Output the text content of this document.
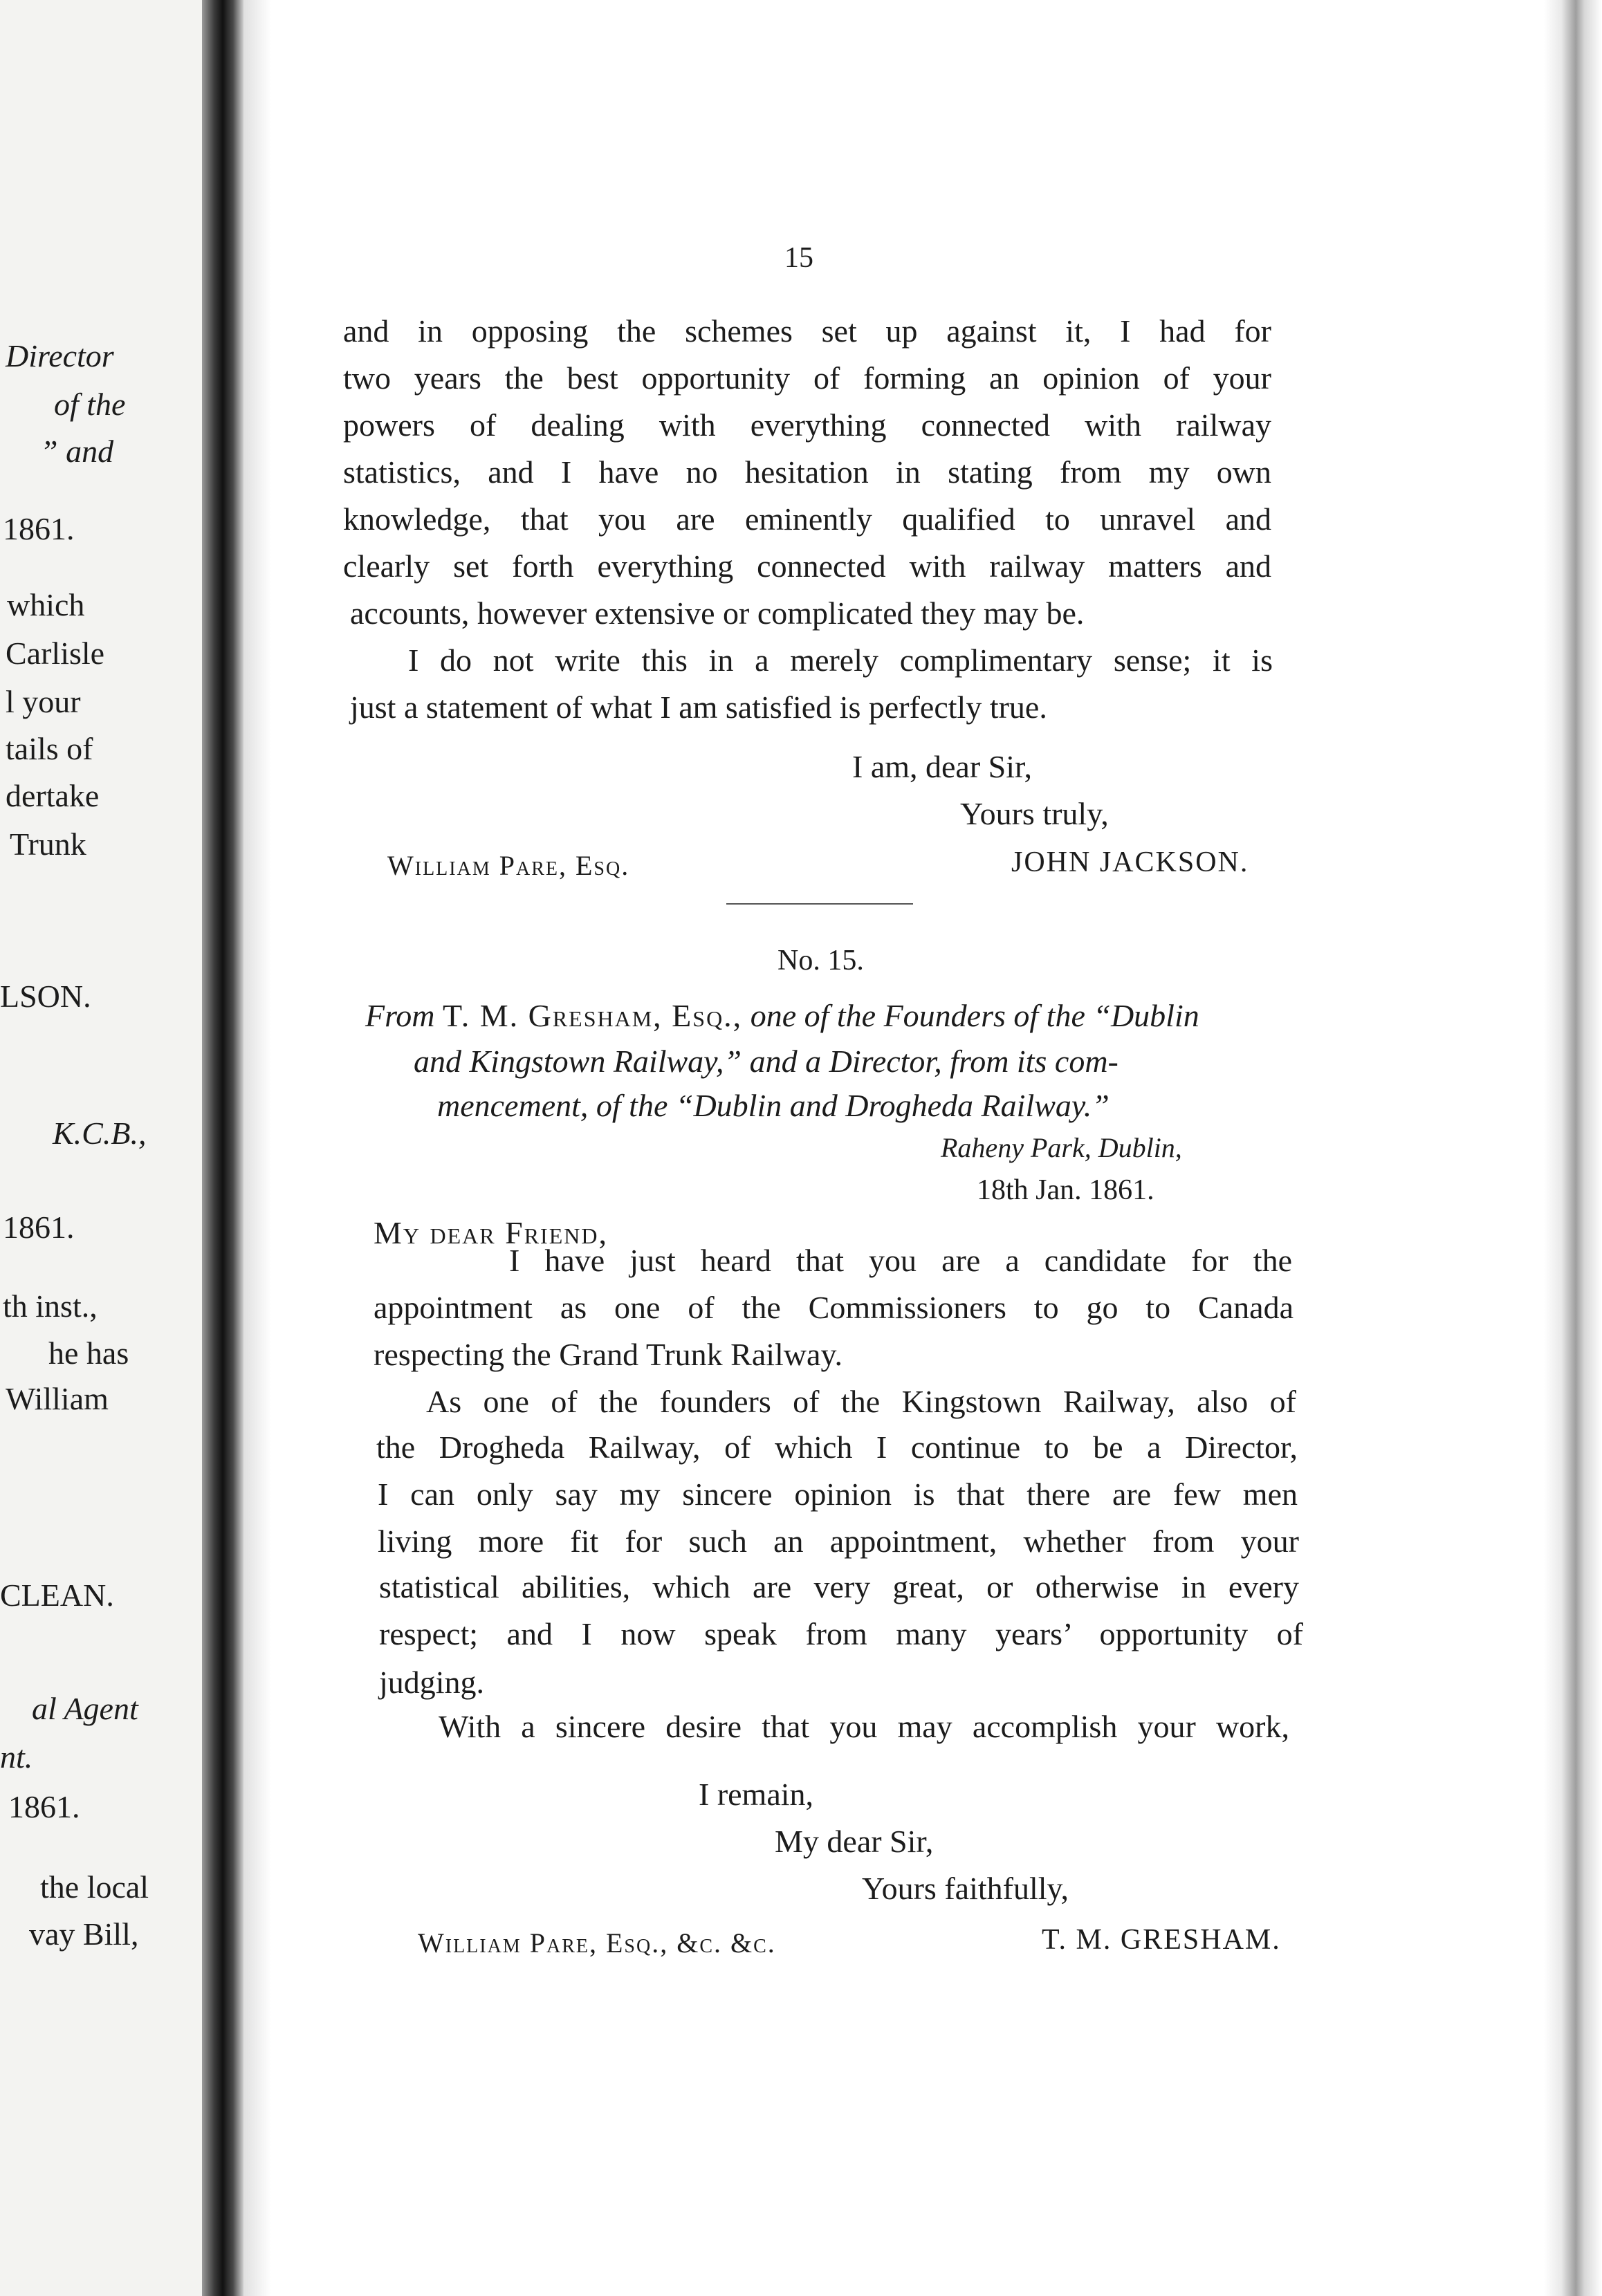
Director
of the
” and
1861.
which
Carlisle
l your
tails of
dertake
Trunk
LSON.
K.C.B.,
1861.
th inst.,
he has
William
CLEAN.
al Agent
nt.
1861.
the local
vay Bill,
15
and in opposing the schemes set up against it, I had for
two years the best opportunity of forming an opinion of your
powers of dealing with everything connected with railway
statistics, and I have no hesitation in stating from my own
knowledge, that you are eminently qualified to unravel and
clearly set forth everything connected with railway matters and
accounts, however extensive or complicated they may be.
I do not write this in a merely complimentary sense; it is
just a statement of what I am satisfied is perfectly true.
I am, dear Sir,
Yours truly,
William Pare, Esq.	JOHN JACKSON.
No. 15.
From T. M. Gresham, Esq., one of the Founders of the “Dublin
and Kingstown Railway,” and a Director, from its com-
mencement, of the “Dublin and Drogheda Railway.”
Raheny Park, Dublin,
18th Jan. 1861.
My dear Friend,
I have just heard that you are a candidate for the
appointment as one of the Commissioners to go to Canada
respecting the Grand Trunk Railway.
As one of the founders of the Kingstown Railway, also of
the Drogheda Railway, of which I continue to be a Director,
I can only say my sincere opinion is that there are few men
living more fit for such an appointment, whether from your
statistical abilities, which are very great, or otherwise in every
respect; and I now speak from many years’ opportunity of
judging.
With a sincere desire that you may accomplish your work,
I remain,
My dear Sir,
Yours faithfully,
William Pare, Esq., &c. &c.	T. M. GRESHAM.
